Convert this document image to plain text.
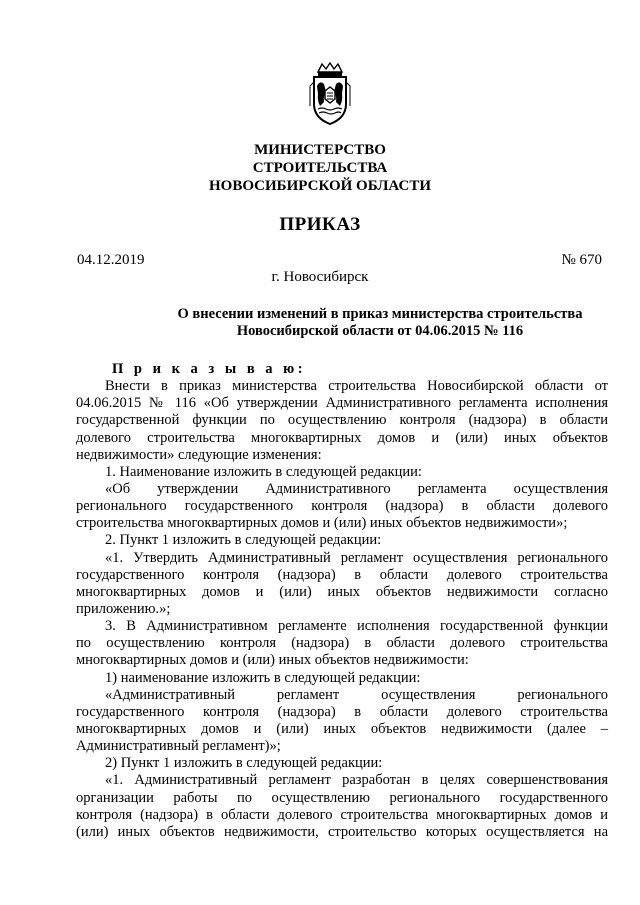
МИНИСТЕРСТВО
СТРОИТЕЛЬСТВА
НОВОСИБИРСКОЙ ОБЛАСТИ
ПРИКАЗ
04.12.2019	№ 670
г. Новосибирск
О внесении изменений в приказ министерства строительства
Новосибирской области от 04.06.2015 № 116
П р и к а з ы в а ю:
Внести в приказ министерства строительства Новосибирской области от
04.06.2015 № 116 «Об утверждении Административного регламента исполнения
государственной функции по осуществлению контроля (надзора) в области
долевого строительства многоквартирных домов и (или) иных объектов
недвижимости» следующие изменения:
1. Наименование изложить в следующей редакции:
«Об утверждении Административного регламента осуществления
регионального государственного контроля (надзора) в области долевого
строительства многоквартирных домов и (или) иных объектов недвижимости»;
2. Пункт 1 изложить в следующей редакции:
«1. Утвердить Административный регламент осуществления регионального
государственного контроля (надзора) в области долевого строительства
многоквартирных домов и (или) иных объектов недвижимости согласно
приложению.»;
3. В Административном регламенте исполнения государственной функции
по осуществлению контроля (надзора) в области долевого строительства
многоквартирных домов и (или) иных объектов недвижимости:
1) наименование изложить в следующей редакции:
«Административный регламент осуществления регионального
государственного контроля (надзора) в области долевого строительства
многоквартирных домов и (или) иных объектов недвижимости (далее –
Административный регламент)»;
2) Пункт 1 изложить в следующей редакции:
«1. Административный регламент разработан в целях совершенствования
организации работы по осуществлению регионального государственного
контроля (надзора) в области долевого строительства многоквартирных домов и
(или) иных объектов недвижимости, строительство которых осуществляется на
